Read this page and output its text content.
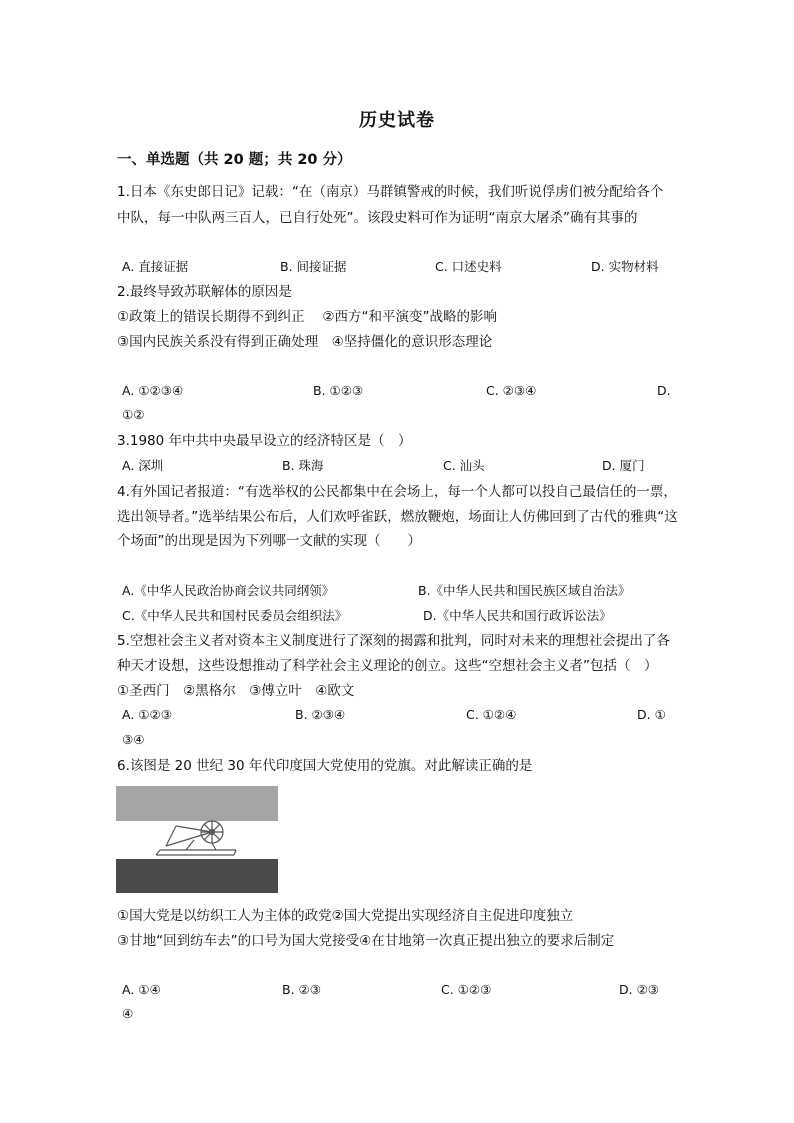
历史试卷
一、单选题（共 20 题；共 20 分）
1.日本《东史郎日记》记载：“在（南京）马群镇警戒的时候，我们听说俘虏们被分配给各个
中队，每一中队两三百人，已自行处死”。该段史料可作为证明“南京大屠杀”确有其事的
A. 直接证据	B. 间接证据	C. 口述史料	D. 实物材料
2.最终导致苏联解体的原因是
①政策上的错误长期得不到纠正　 ②西方“和平演变”战略的影响
③国内民族关系没有得到正确处理　④坚持僵化的意识形态理论
A. ①②③④	B. ①②③	C. ②③④	D.
①②
3.1980 年中共中央最早设立的经济特区是（　）
A. 深圳	B. 珠海	C. 汕头	D. 厦门
4.有外国记者报道：“有选举权的公民都集中在会场上，每一个人都可以投自己最信任的一票，
选出领导者。”选举结果公布后，人们欢呼雀跃，燃放鞭炮，场面让人仿佛回到了古代的雅典“这
个场面”的出现是因为下列哪一文献的实现（　　）
A.《中华人民政治协商会议共同纲领》	B.《中华人民共和国民族区域自治法》
C.《中华人民共和国村民委员会组织法》	D.《中华人民共和国行政诉讼法》
5.空想社会主义者对资本主义制度进行了深刻的揭露和批判，同时对未来的理想社会提出了各
种天才设想，这些设想推动了科学社会主义理论的创立。这些“空想社会主义者”包括（　）
①圣西门　②黑格尔　③傅立叶　④欧文
A. ①②③	B. ②③④	C. ①②④	D. ①
③④
6.该图是 20 世纪 30 年代印度国大党使用的党旗。对此解读正确的是
①国大党是以纺织工人为主体的政党②国大党提出实现经济自主促进印度独立
③甘地“回到纺车去”的口号为国大党接受④在甘地第一次真正提出独立的要求后制定
A. ①④	B. ②③	C. ①②③	D. ②③
④
